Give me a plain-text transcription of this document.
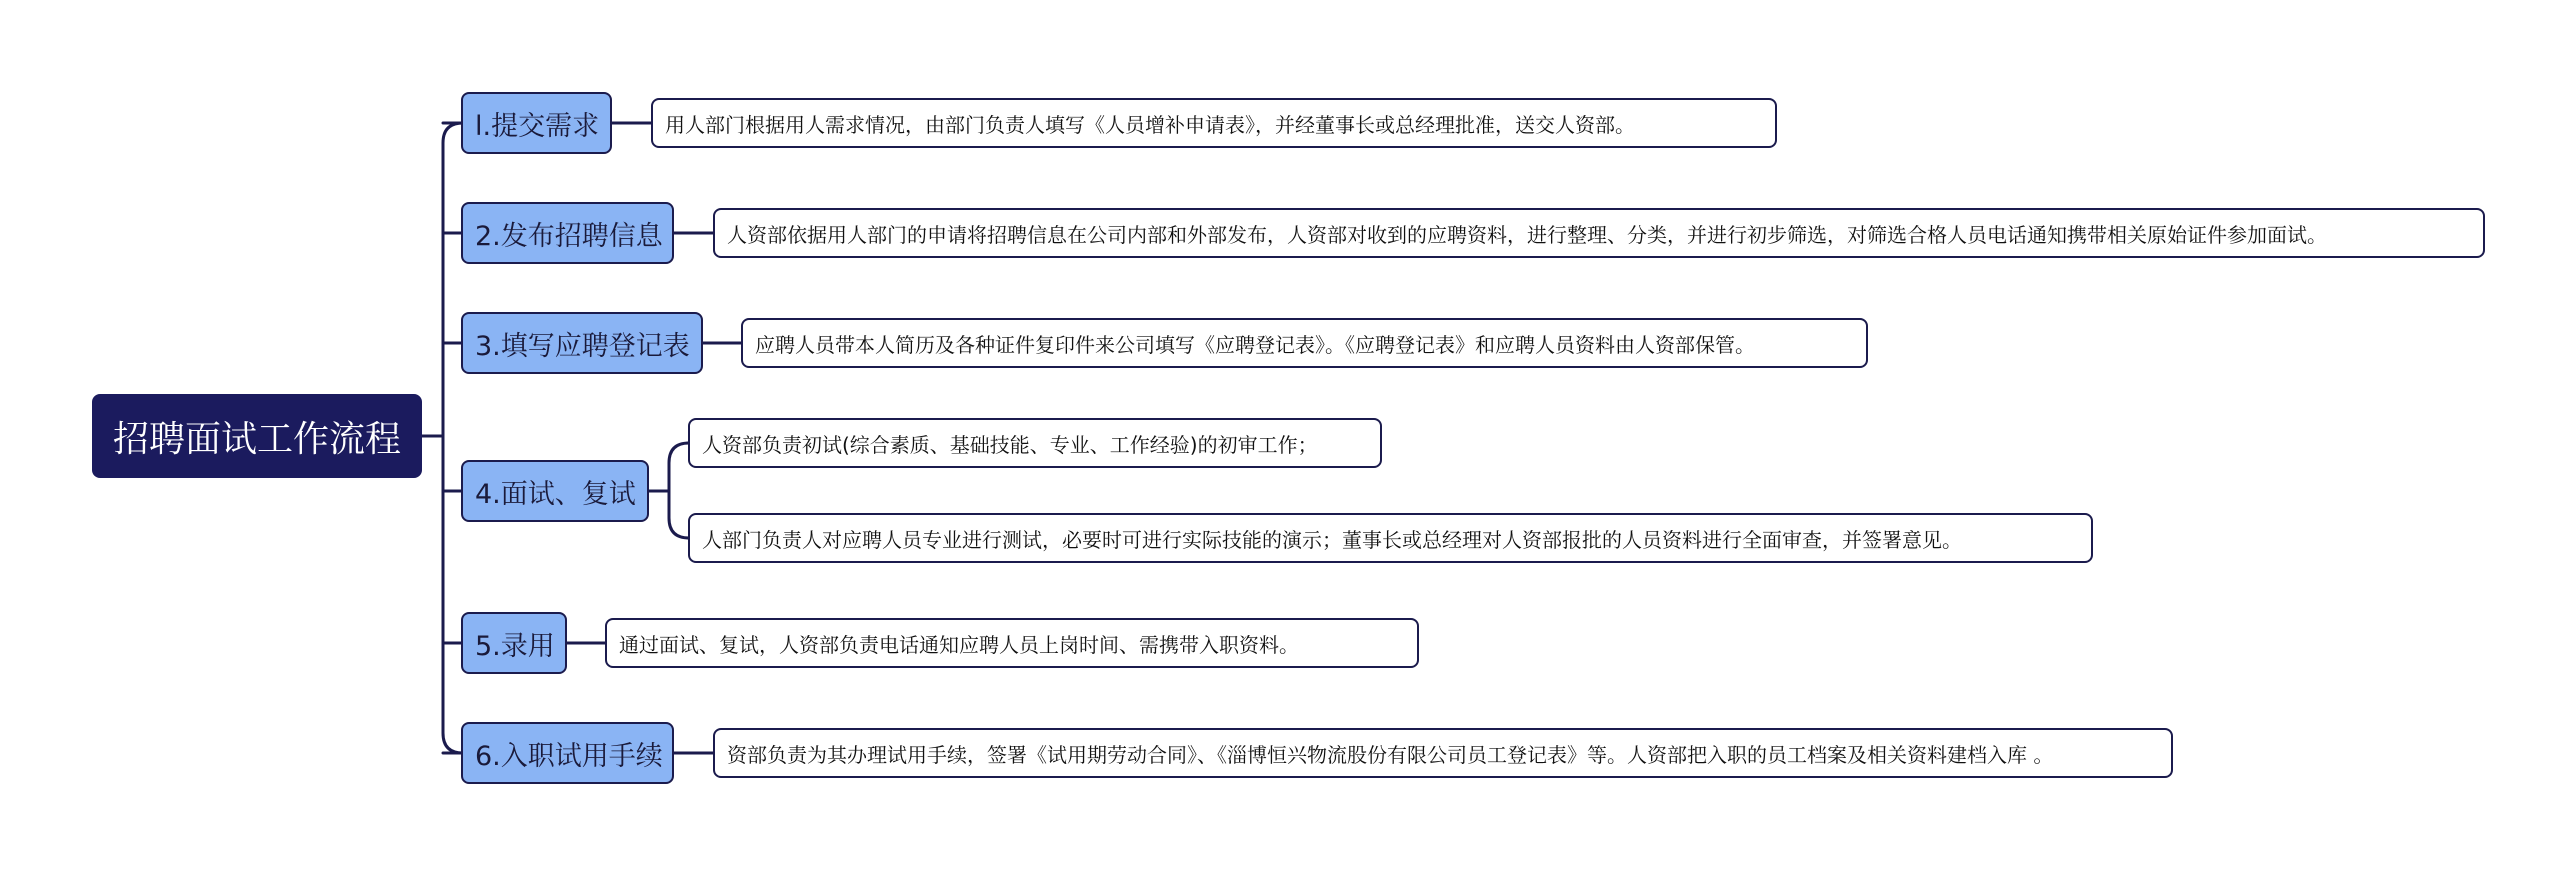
招聘面试工作流程
l.提交需求
2.发布招聘信息
3.填写应聘登记表
4.面试、复试
5.录用
6.入职试用手续
用人部门根据用人需求情况，由部门负责人填写《人员增补申请表》，并经董事长或总经理批准，送交人资部。
人资部依据用人部门的申请将招聘信息在公司内部和外部发布，人资部对收到的应聘资料，进行整理、分类，并进行初步筛选，对筛选合格人员电话通知携带相关原始证件参加面试。
应聘人员带本人简历及各种证件复印件来公司填写《应聘登记表》。《应聘登记表》和应聘人员资料由人资部保管。
人资部负责初试(综合素质、基础技能、专业、工作经验)的初审工作；
人部门负责人对应聘人员专业进行测试，必要时可进行实际技能的演示；董事长或总经理对人资部报批的人员资料进行全面审查，并签署意见。
通过面试、复试，人资部负责电话通知应聘人员上岗时间、需携带入职资料。
资部负责为其办理试用手续，签署《试用期劳动合同》、《淄博恒兴物流股份有限公司员工登记表》等。人资部把入职的员工档案及相关资料建档入库 。
